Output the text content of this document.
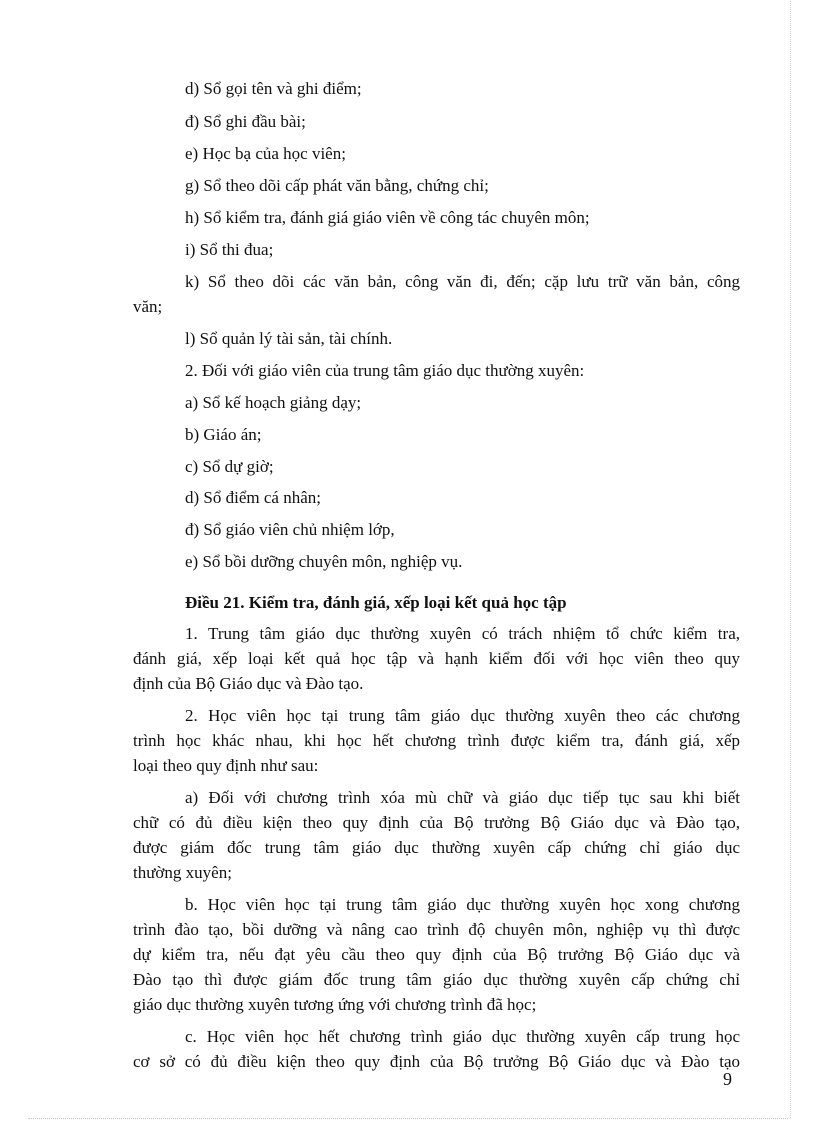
d) Sổ gọi tên và ghi điểm;
đ) Sổ ghi đầu bài;
e) Học bạ của học viên;
g) Sổ theo dõi cấp phát văn bằng, chứng chỉ;
h) Sổ kiểm tra, đánh giá giáo viên về công tác chuyên môn;
i) Sổ thi đua;
k) Sổ theo dõi các văn bản, công văn đi, đến; cặp lưu trữ văn bản, công
văn;
l) Sổ quản lý tài sản, tài chính.
2. Đối với giáo viên của trung tâm giáo dục thường xuyên:
a) Sổ kế hoạch giảng dạy;
b) Giáo án;
c) Sổ dự giờ;
d) Sổ điểm cá nhân;
đ) Sổ giáo viên chủ nhiệm lớp,
e) Sổ bồi dưỡng chuyên môn, nghiệp vụ.
Điều 21. Kiểm tra, đánh giá, xếp loại kết quả học tập
1. Trung tâm giáo dục thường xuyên có trách nhiệm tổ chức kiểm tra,
đánh giá, xếp loại kết quả học tập và hạnh kiểm đối với học viên theo quy
định của Bộ Giáo dục và Đào tạo.
2. Học viên học tại trung tâm giáo dục thường xuyên theo các chương
trình học khác nhau, khi học hết chương trình được kiểm tra, đánh giá, xếp
loại theo quy định như sau:
a) Đối với chương trình xóa mù chữ và giáo dục tiếp tục sau khi biết
chữ có đủ điều kiện theo quy định của Bộ trưởng Bộ Giáo dục và Đào tạo,
được giám đốc trung tâm giáo dục thường xuyên cấp chứng chỉ giáo dục
thường xuyên;
b. Học viên học tại trung tâm giáo dục thường xuyên học xong chương
trình đào tạo, bồi dưỡng và nâng cao trình độ chuyên môn, nghiệp vụ thì được
dự kiểm tra, nếu đạt yêu cầu theo quy định của Bộ trưởng Bộ Giáo dục và
Đào tạo thì được giám đốc trung tâm giáo dục thường xuyên cấp chứng chỉ
giáo dục thường xuyên tương ứng với chương trình đã học;
c. Học viên học hết chương trình giáo dục thường xuyên cấp trung học
cơ sở có đủ điều kiện theo quy định của Bộ trưởng Bộ Giáo dục và Đào tạo
9
